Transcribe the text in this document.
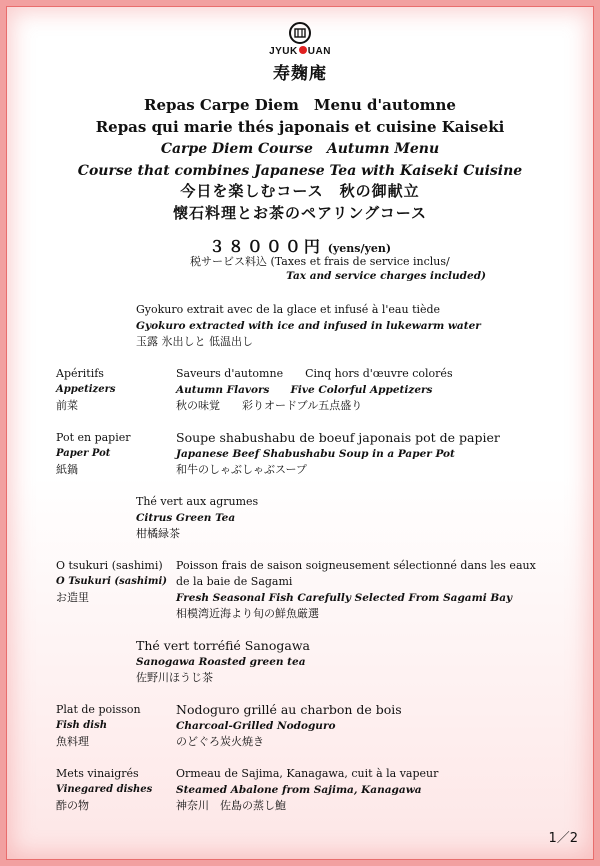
JYUK UAN
寿麹庵
Repas Carpe Diem　Menu d'automne
Repas qui marie thés japonais et cuisine Kaiseki
Carpe Diem Course　Autumn Menu
Course that combines Japanese Tea with Kaiseki Cuisine
今日を楽しむコース　秋の御献立
懐石料理とお茶のペアリングコース
３８０００円 (yens/yen)
税サービス料込 (Taxes et frais de service inclus/
Tax and service charges included)
Gyokuro extrait avec de la glace et infusé à l'eau tiède
Gyokuro extracted with ice and infused in lukewarm water
玉露 氷出しと 低温出し
Apéritifs
Appetizers
前菜
Saveurs d'automne　　Cinq hors d'œuvre colorés
Autumn Flavors　　Five Colorful Appetizers
秋の味覚　　彩りオードブル五点盛り
Pot en papier
Paper Pot
紙鍋
Soupe shabushabu de boeuf japonais pot de papier
Japanese Beef Shabushabu Soup in a Paper Pot
和牛のしゃぶしゃぶスープ
Thé vert aux agrumes
Citrus Green Tea
柑橘緑茶
O tsukuri (sashimi)
O Tsukuri (sashimi)
お造里
Poisson frais de saison soigneusement sélectionné dans les eaux de la baie de Sagami
Fresh Seasonal Fish Carefully Selected From Sagami Bay
相模湾近海より旬の鮮魚厳選
Thé vert torréfié Sanogawa
Sanogawa Roasted green tea
佐野川ほうじ茶
Plat de poisson
Fish dish
魚料理
Nodoguro grillé au charbon de bois
Charcoal-Grilled Nodoguro
のどぐろ炭火焼き
Mets vinaigrés
Vinegared dishes
酢の物
Ormeau de Sajima, Kanagawa, cuit à la vapeur
Steamed Abalone from Sajima, Kanagawa
神奈川　佐島の蒸し鮑
1／2
